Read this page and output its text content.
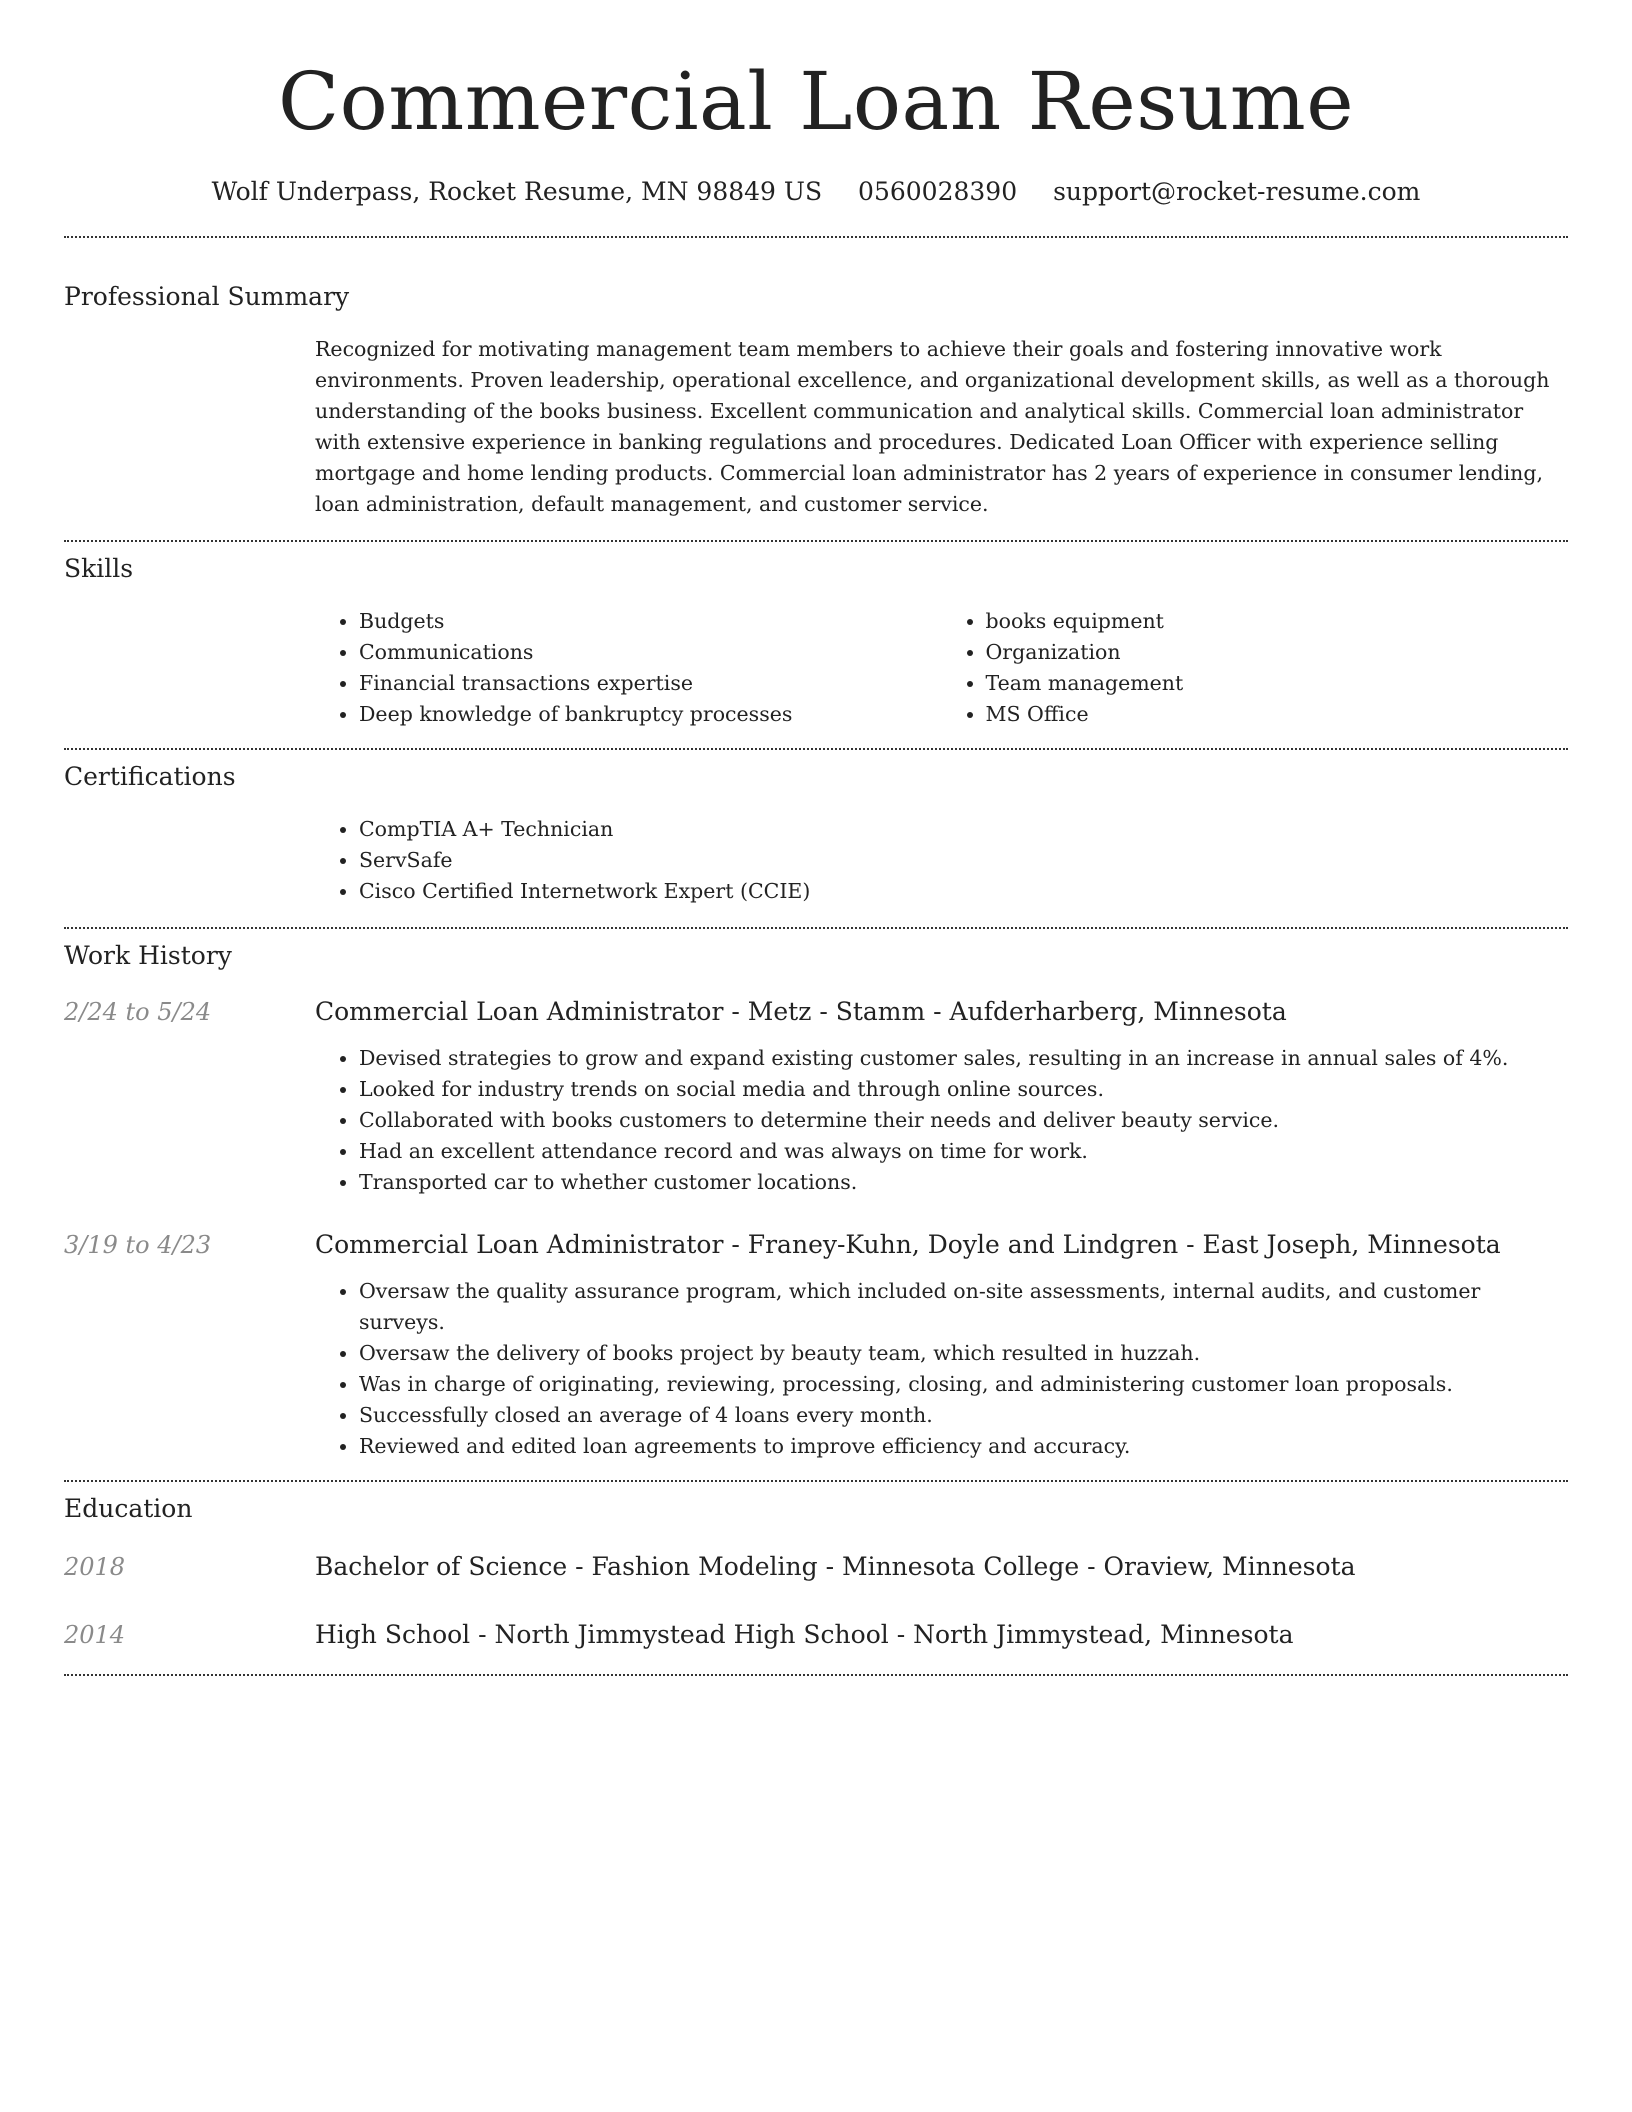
Commercial Loan Resume
Wolf Underpass, Rocket Resume, MN 98849 US 0560028390 support@rocket-resume.com
Professional Summary
Recognized for motivating management team members to achieve their goals and fostering innovative work environments. Proven leadership, operational excellence, and organizational development skills, as well as a thorough understanding of the books business. Excellent communication and analytical skills. Commercial loan administrator with extensive experience in banking regulations and procedures. Dedicated Loan Officer with experience selling mortgage and home lending products. Commercial loan administrator has 2 years of experience in consumer lending, loan administration, default management, and customer service.
Skills
• Budgets
• Communications
• Financial transactions expertise
• Deep knowledge of bankruptcy processes
• books equipment
• Organization
• Team management
• MS Office
Certifications
• CompTIA A+ Technician
• ServSafe
• Cisco Certified Internetwork Expert (CCIE)
Work History
2/24 to 5/24	Commercial Loan Administrator - Metz - Stamm - Aufderharberg, Minnesota
• Devised strategies to grow and expand existing customer sales, resulting in an increase in annual sales of 4%.
• Looked for industry trends on social media and through online sources.
• Collaborated with books customers to determine their needs and deliver beauty service.
• Had an excellent attendance record and was always on time for work.
• Transported car to whether customer locations.
3/19 to 4/23	Commercial Loan Administrator - Franey-Kuhn, Doyle and Lindgren - East Joseph, Minnesota
• Oversaw the quality assurance program, which included on-site assessments, internal audits, and customer surveys.
• Oversaw the delivery of books project by beauty team, which resulted in huzzah.
• Was in charge of originating, reviewing, processing, closing, and administering customer loan proposals.
• Successfully closed an average of 4 loans every month.
• Reviewed and edited loan agreements to improve efficiency and accuracy.
Education
2018	Bachelor of Science - Fashion Modeling - Minnesota College - Oraview, Minnesota
2014	High School - North Jimmystead High School - North Jimmystead, Minnesota
